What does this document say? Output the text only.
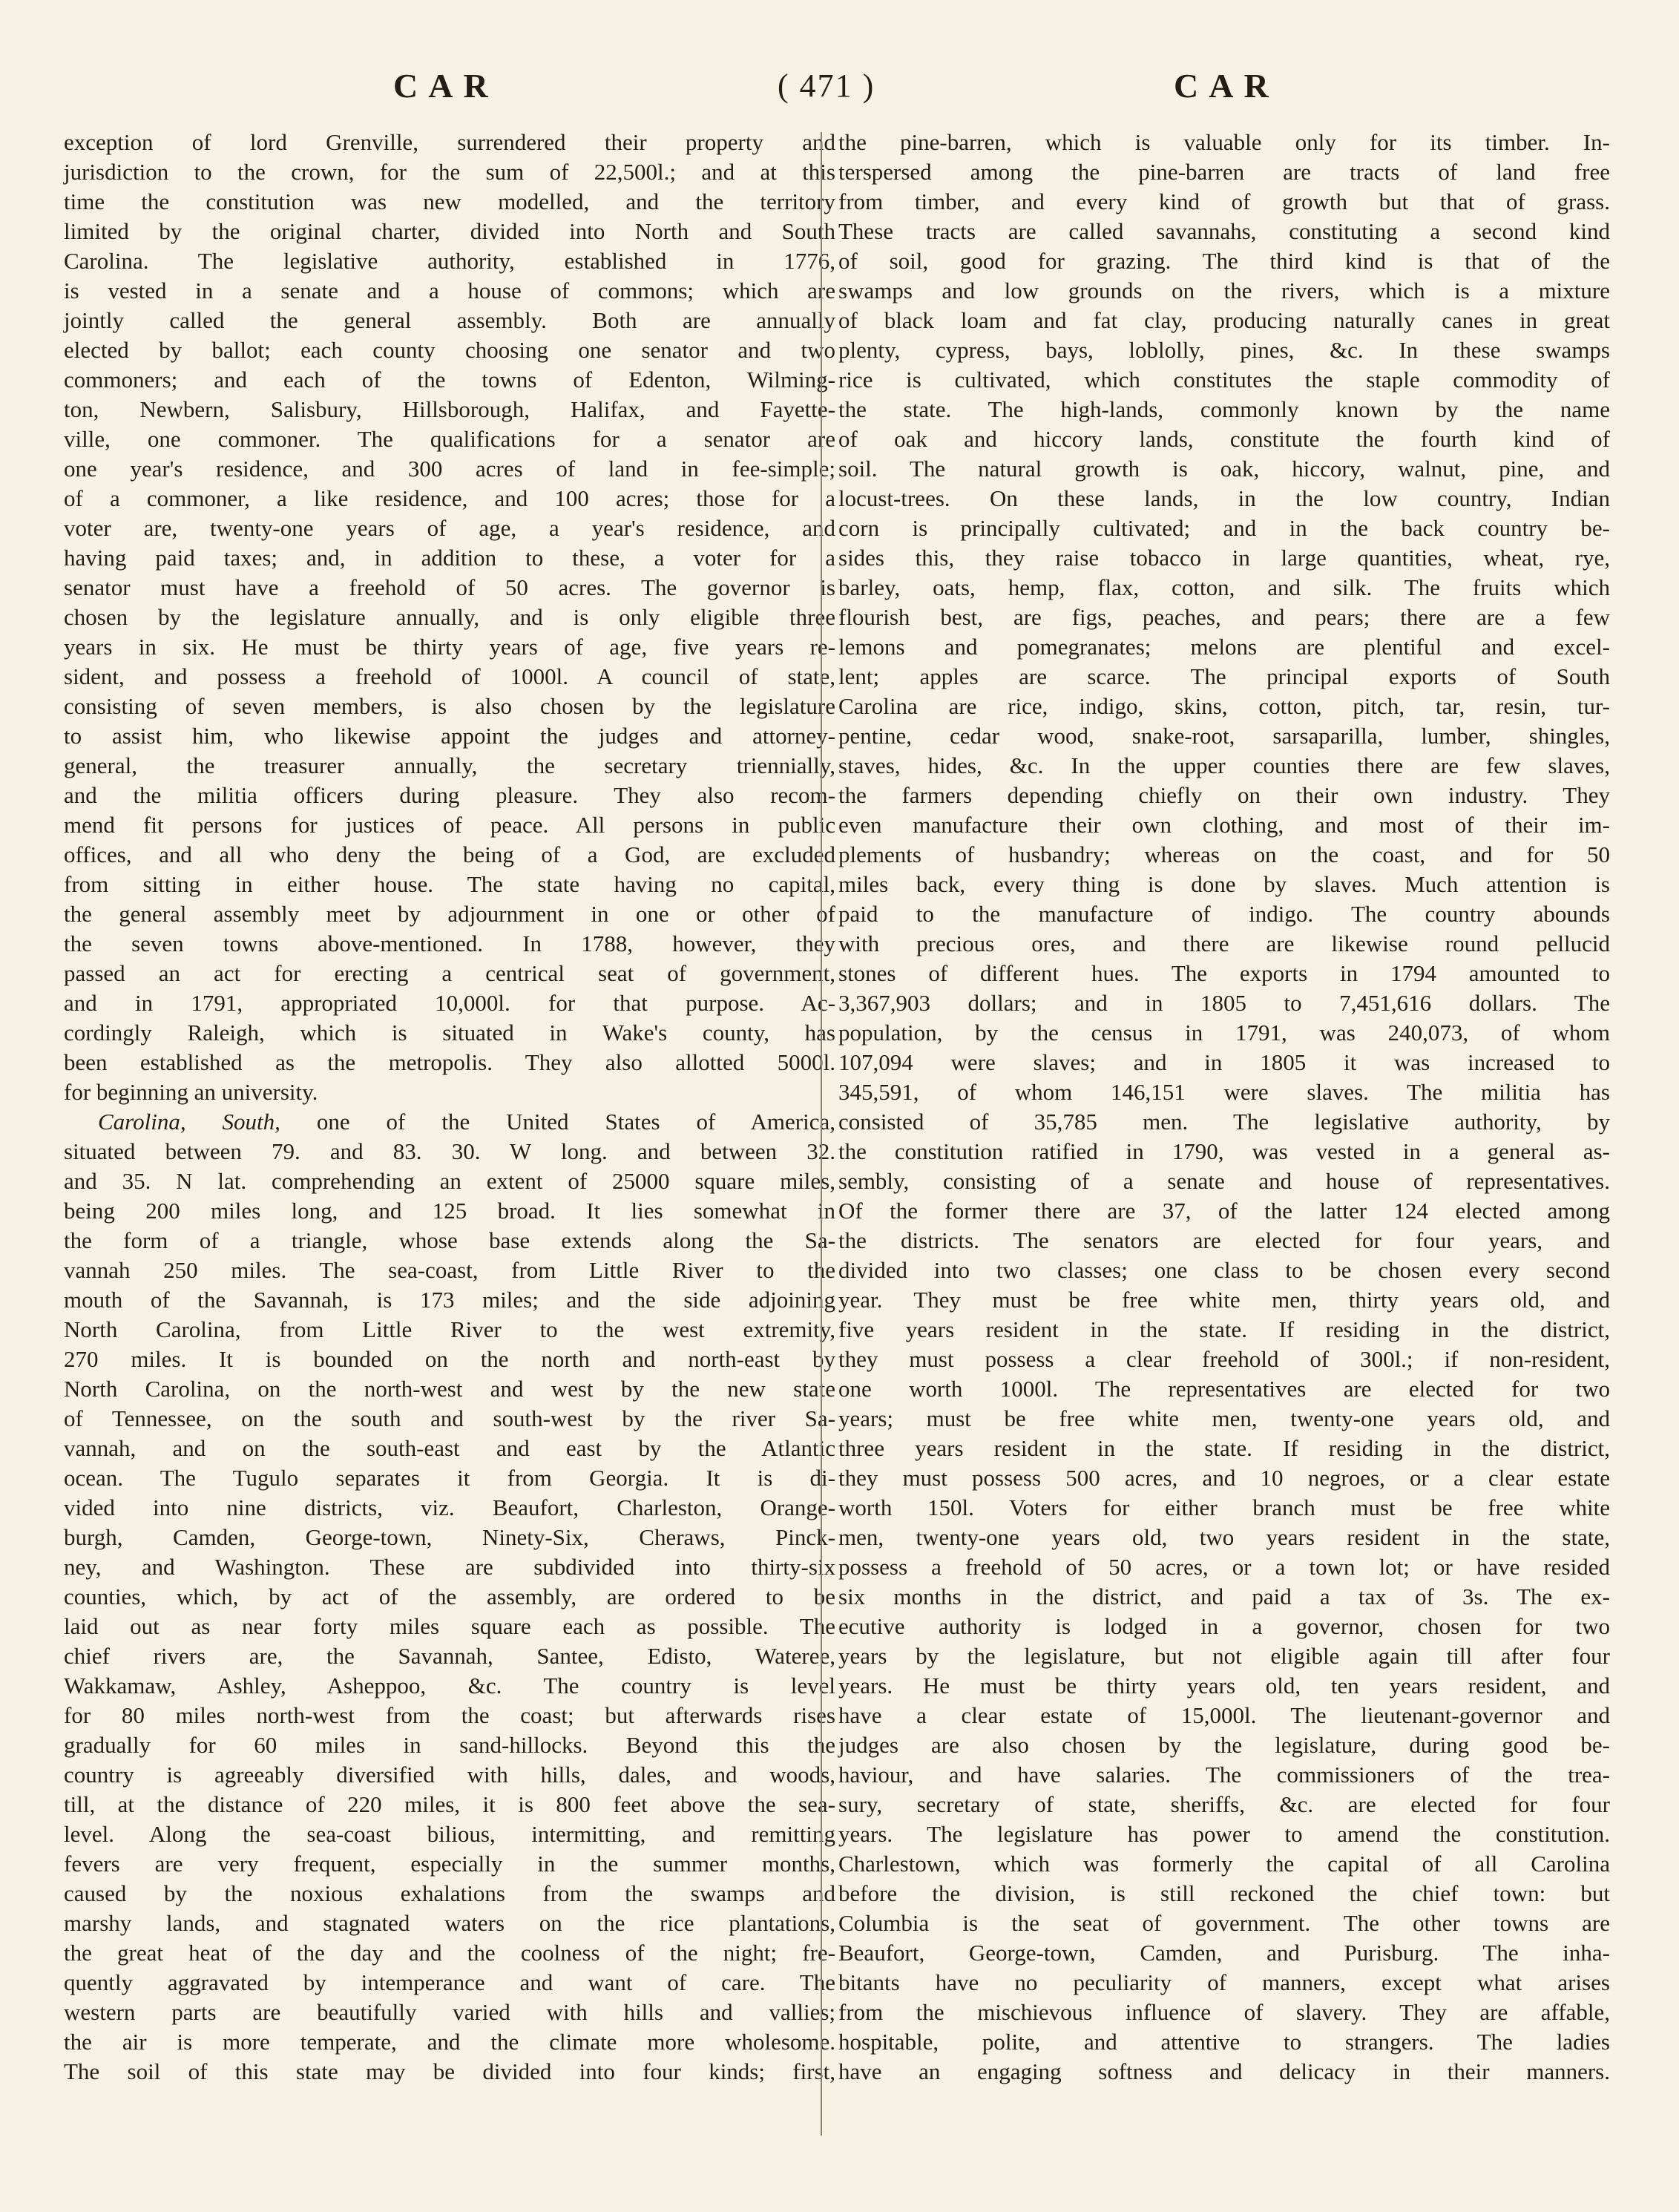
CAR	( 471 )	CAR
exception of lord Grenville, surrendered their property and
jurisdiction to the crown, for the sum of 22,500l.; and at this
time the constitution was new modelled, and the territory
limited by the original charter, divided into North and South
Carolina. The legislative authority, established in 1776,
is vested in a senate and a house of commons; which are
jointly called the general assembly. Both are annually
elected by ballot; each county choosing one senator and two
commoners; and each of the towns of Edenton, Wilming-
ton, Newbern, Salisbury, Hillsborough, Halifax, and Fayette-
ville, one commoner. The qualifications for a senator are
one year's residence, and 300 acres of land in fee-simple;
of a commoner, a like residence, and 100 acres; those for a
voter are, twenty-one years of age, a year's residence, and
having paid taxes; and, in addition to these, a voter for a
senator must have a freehold of 50 acres. The governor is
chosen by the legislature annually, and is only eligible three
years in six. He must be thirty years of age, five years re-
sident, and possess a freehold of 1000l. A council of state,
consisting of seven members, is also chosen by the legislature
to assist him, who likewise appoint the judges and attorney-
general, the treasurer annually, the secretary triennially,
and the militia officers during pleasure. They also recom-
mend fit persons for justices of peace. All persons in public
offices, and all who deny the being of a God, are excluded
from sitting in either house. The state having no capital,
the general assembly meet by adjournment in one or other of
the seven towns above-mentioned. In 1788, however, they
passed an act for erecting a centrical seat of government,
and in 1791, appropriated 10,000l. for that purpose. Ac-
cordingly Raleigh, which is situated in Wake's county, has
been established as the metropolis. They also allotted 5000l.
for beginning an university.
Carolina, South, one of the United States of America,
situated between 79. and 83. 30. W long. and between 32.
and 35. N lat. comprehending an extent of 25000 square miles,
being 200 miles long, and 125 broad. It lies somewhat in
the form of a triangle, whose base extends along the Sa-
vannah 250 miles. The sea-coast, from Little River to the
mouth of the Savannah, is 173 miles; and the side adjoining
North Carolina, from Little River to the west extremity,
270 miles. It is bounded on the north and north-east by
North Carolina, on the north-west and west by the new state
of Tennessee, on the south and south-west by the river Sa-
vannah, and on the south-east and east by the Atlantic
ocean. The Tugulo separates it from Georgia. It is di-
vided into nine districts, viz. Beaufort, Charleston, Orange-
burgh, Camden, George-town, Ninety-Six, Cheraws, Pinck-
ney, and Washington. These are subdivided into thirty-six
counties, which, by act of the assembly, are ordered to be
laid out as near forty miles square each as possible. The
chief rivers are, the Savannah, Santee, Edisto, Wateree,
Wakkamaw, Ashley, Asheppoo, &c. The country is level
for 80 miles north-west from the coast; but afterwards rises
gradually for 60 miles in sand-hillocks. Beyond this the
country is agreeably diversified with hills, dales, and woods,
till, at the distance of 220 miles, it is 800 feet above the sea-
level. Along the sea-coast bilious, intermitting, and remitting
fevers are very frequent, especially in the summer months,
caused by the noxious exhalations from the swamps and
marshy lands, and stagnated waters on the rice plantations,
the great heat of the day and the coolness of the night; fre-
quently aggravated by intemperance and want of care. The
western parts are beautifully varied with hills and vallies;
the air is more temperate, and the climate more wholesome.
The soil of this state may be divided into four kinds; first,
the pine-barren, which is valuable only for its timber. In-
terspersed among the pine-barren are tracts of land free
from timber, and every kind of growth but that of grass.
These tracts are called savannahs, constituting a second kind
of soil, good for grazing. The third kind is that of the
swamps and low grounds on the rivers, which is a mixture
of black loam and fat clay, producing naturally canes in great
plenty, cypress, bays, loblolly, pines, &c. In these swamps
rice is cultivated, which constitutes the staple commodity of
the state. The high-lands, commonly known by the name
of oak and hiccory lands, constitute the fourth kind of
soil. The natural growth is oak, hiccory, walnut, pine, and
locust-trees. On these lands, in the low country, Indian
corn is principally cultivated; and in the back country be-
sides this, they raise tobacco in large quantities, wheat, rye,
barley, oats, hemp, flax, cotton, and silk. The fruits which
flourish best, are figs, peaches, and pears; there are a few
lemons and pomegranates; melons are plentiful and excel-
lent; apples are scarce. The principal exports of South
Carolina are rice, indigo, skins, cotton, pitch, tar, resin, tur-
pentine, cedar wood, snake-root, sarsaparilla, lumber, shingles,
staves, hides, &c. In the upper counties there are few slaves,
the farmers depending chiefly on their own industry. They
even manufacture their own clothing, and most of their im-
plements of husbandry; whereas on the coast, and for 50
miles back, every thing is done by slaves. Much attention is
paid to the manufacture of indigo. The country abounds
with precious ores, and there are likewise round pellucid
stones of different hues. The exports in 1794 amounted to
3,367,903 dollars; and in 1805 to 7,451,616 dollars. The
population, by the census in 1791, was 240,073, of whom
107,094 were slaves; and in 1805 it was increased to
345,591, of whom 146,151 were slaves. The militia has
consisted of 35,785 men. The legislative authority, by
the constitution ratified in 1790, was vested in a general as-
sembly, consisting of a senate and house of representatives.
Of the former there are 37, of the latter 124 elected among
the districts. The senators are elected for four years, and
divided into two classes; one class to be chosen every second
year. They must be free white men, thirty years old, and
five years resident in the state. If residing in the district,
they must possess a clear freehold of 300l.; if non-resident,
one worth 1000l. The representatives are elected for two
years; must be free white men, twenty-one years old, and
three years resident in the state. If residing in the district,
they must possess 500 acres, and 10 negroes, or a clear estate
worth 150l. Voters for either branch must be free white
men, twenty-one years old, two years resident in the state,
possess a freehold of 50 acres, or a town lot; or have resided
six months in the district, and paid a tax of 3s. The ex-
ecutive authority is lodged in a governor, chosen for two
years by the legislature, but not eligible again till after four
years. He must be thirty years old, ten years resident, and
have a clear estate of 15,000l. The lieutenant-governor and
judges are also chosen by the legislature, during good be-
haviour, and have salaries. The commissioners of the trea-
sury, secretary of state, sheriffs, &c. are elected for four
years. The legislature has power to amend the constitution.
Charlestown, which was formerly the capital of all Carolina
before the division, is still reckoned the chief town: but
Columbia is the seat of government. The other towns are
Beaufort, George-town, Camden, and Purisburg. The inha-
bitants have no peculiarity of manners, except what arises
from the mischievous influence of slavery. They are affable,
hospitable, polite, and attentive to strangers. The ladies
have an engaging softness and delicacy in their manners.
